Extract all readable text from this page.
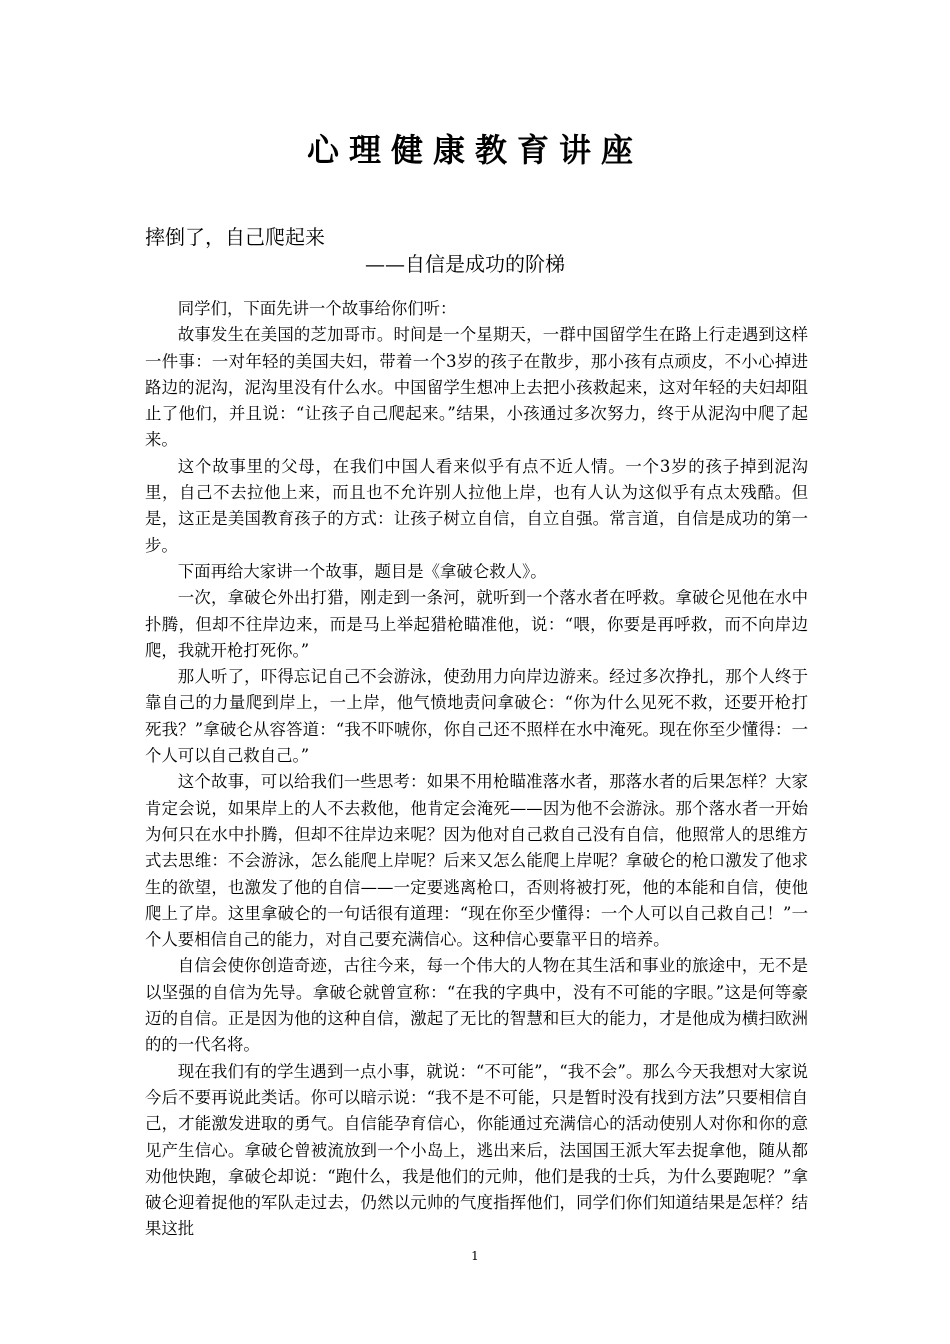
心理健康教育讲座
摔倒了，自己爬起来
——自信是成功的阶梯

同学们，下面先讲一个故事给你们听：

故事发生在美国的芝加哥市。时间是一个星期天，一群中国留学生在路上行走遇到这样一件事：一对年轻的美国夫妇，带着一个3岁的孩子在散步，那小孩有点顽皮，不小心掉进路边的泥沟，泥沟里没有什么水。中国留学生想冲上去把小孩救起来，这对年轻的夫妇却阻止了他们，并且说：“让孩子自己爬起来。”结果，小孩通过多次努力，终于从泥沟中爬了起来。

这个故事里的父母，在我们中国人看来似乎有点不近人情。一个3岁的孩子掉到泥沟里，自己不去拉他上来，而且也不允许别人拉他上岸，也有人认为这似乎有点太残酷。但是，这正是美国教育孩子的方式：让孩子树立自信，自立自强。常言道，自信是成功的第一步。

下面再给大家讲一个故事，题目是《拿破仑救人》。

一次，拿破仑外出打猎，刚走到一条河，就听到一个落水者在呼救。拿破仑见他在水中扑腾，但却不往岸边来，而是马上举起猎枪瞄准他，说：“喂，你要是再呼救，而不向岸边爬，我就开枪打死你。”

那人听了，吓得忘记自己不会游泳，使劲用力向岸边游来。经过多次挣扎，那个人终于靠自己的力量爬到岸上，一上岸，他气愤地责问拿破仑：“你为什么见死不救，还要开枪打死我？”拿破仑从容答道：“我不吓唬你，你自己还不照样在水中淹死。现在你至少懂得：一个人可以自己救自己。”

这个故事，可以给我们一些思考：如果不用枪瞄准落水者，那落水者的后果怎样？大家肯定会说，如果岸上的人不去救他，他肯定会淹死——因为他不会游泳。那个落水者一开始为何只在水中扑腾，但却不往岸边来呢？因为他对自己救自己没有自信，他照常人的思维方式去思维：不会游泳，怎么能爬上岸呢？后来又怎么能爬上岸呢？拿破仑的枪口激发了他求生的欲望，也激发了他的自信——一定要逃离枪口，否则将被打死，他的本能和自信，使他爬上了岸。这里拿破仑的一句话很有道理：“现在你至少懂得：一个人可以自己救自己！”一个人要相信自己的能力，对自己要充满信心。这种信心要靠平日的培养。

自信会使你创造奇迹，古往今来，每一个伟大的人物在其生活和事业的旅途中，无不是以坚强的自信为先导。拿破仑就曾宣称：“在我的字典中，没有不可能的字眼。”这是何等豪迈的自信。正是因为他的这种自信，激起了无比的智慧和巨大的能力，才是他成为横扫欧洲的的一代名将。

现在我们有的学生遇到一点小事，就说：“不可能”，“我不会”。那么今天我想对大家说今后不要再说此类话。你可以暗示说：“我不是不可能，只是暂时没有找到方法”只要相信自己，才能激发进取的勇气。自信能孕育信心，你能通过充满信心的活动使别人对你和你的意见产生信心。拿破仑曾被流放到一个小岛上，逃出来后，法国国王派大军去捉拿他，随从都劝他快跑，拿破仑却说：“跑什么，我是他们的元帅，他们是我的士兵，为什么要跑呢？”拿破仑迎着捉他的军队走过去，仍然以元帅的气度指挥他们，同学们你们知道结果是怎样？结果这批

1
